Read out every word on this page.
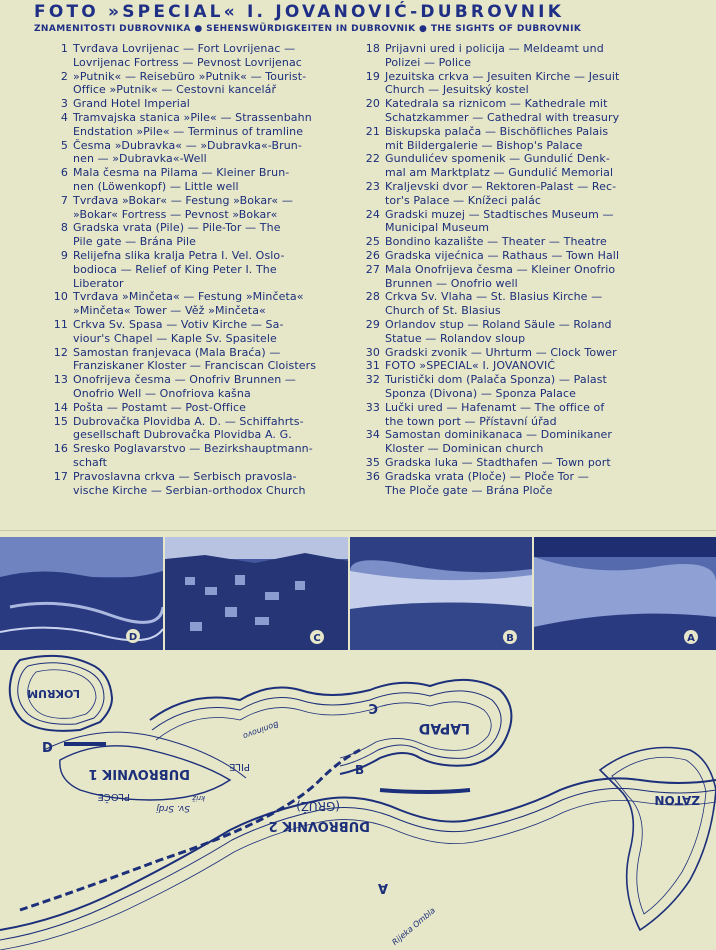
FOTO »SPECIAL« I. JOVANOVIĆ-DUBROVNIK
ZNAMENITOSTI DUBROVNIKA ● SEHENSWÜRDIGKEITEN IN DUBROVNIK ● THE SIGHTS OF DUBROVNIK
1 Tvrđava Lovrijenac — Fort Lovrijenac —
Lovrijenac Fortress — Pevnost Lovrijenac
2 »Putnik« — Reisebüro »Putnik« — Tourist-
Office »Putnik« — Cestovni kancelář
3 Grand Hotel Imperial
4 Tramvajska stanica »Pile« — Strassenbahn
Endstation »Pile« — Terminus of tramline
5 Česma »Dubravka« — »Dubravka«-Brun-
nen — »Dubravka«-Well
6 Mala česma na Pilama — Kleiner Brun-
nen (Löwenkopf) — Little well
7 Tvrđava »Bokar« — Festung »Bokar« —
»Bokar« Fortress — Pevnost »Bokar«
8 Gradska vrata (Pile) — Pile-Tor — The
Pile gate — Brána Pile
9 Relijefna slika kralja Petra I. Vel. Oslo-
bodioca — Relief of King Peter I. The
Liberator
10 Tvrđava »Minčeta« — Festung »Minčeta«
»Minčeta« Tower — Věž »Minčeta«
11 Crkva Sv. Spasa — Votiv Kirche — Sa-
viour's Chapel — Kaple Sv. Spasitele
12 Samostan franjevaca (Mala Braća) —
Franziskaner Kloster — Franciscan Cloisters
13 Onofrijeva česma — Onofriv Brunnen —
Onofrio Well — Onofriova kašna
14 Pošta — Postamt — Post-Office
15 Dubrovačka Plovidba A. D. — Schiffahrts-
gesellschaft Dubrovačka Plovidba A. G.
16 Sresko Poglavarstvo — Bezirkshauptmann-
schaft
17 Pravoslavna crkva — Serbisch pravosla-
vische Kirche — Serbian-orthodox Church
18 Prijavni ured i policija — Meldeamt und
Polizei — Police
19 Jezuitska crkva — Jesuiten Kirche — Jesuit
Church — Jesuitský kostel
20 Katedrala sa riznicom — Kathedrale mit
Schatzkammer — Cathedral with treasury
21 Biskupska palača — Bischöfliches Palais
mit Bildergalerie — Bishop's Palace
22 Gundulićev spomenik — Gundulić Denk-
mal am Marktplatz — Gundulić Memorial
23 Kraljevski dvor — Rektoren-Palast — Rec-
tor's Palace — Knížeci palác
24 Gradski muzej — Stadtisches Museum —
Municipal Museum
25 Bondino kazalište — Theater — Theatre
26 Gradska vijećnica — Rathaus — Town Hall
27 Mala Onofrijeva česma — Kleiner Onofrio
Brunnen — Onofrio well
28 Crkva Sv. Vlaha — St. Blasius Kirche —
Church of St. Blasius
29 Orlandov stup — Roland Säule — Roland
Statue — Rolandov sloup
30 Gradski zvonik — Uhrturm — Clock Tower
31 FOTO »SPECIAL« I. JOVANOVIĆ
32 Turistički dom (Palača Sponza) — Palast
Sponza (Divona) — Sponza Palace
33 Lučki ured — Hafenamt — The office of
the town port — Přístavní úřad
34 Samostan dominikanaca — Dominikaner
Kloster — Dominican church
35 Gradska luka — Stadthafen — Town port
36 Gradska vrata (Ploče) — Ploče Tor —
The Ploče gate — Brána Ploče
D	C	B	A
LOKRUM
LAPAD
DUBROVNIK 1
DUBROVNIK 2
(GRUŽ)
PILE
PLOČE	ZATON
Boninovo
Sv. Srdj
križ
Rijeka Ombla
D
C
B
A
